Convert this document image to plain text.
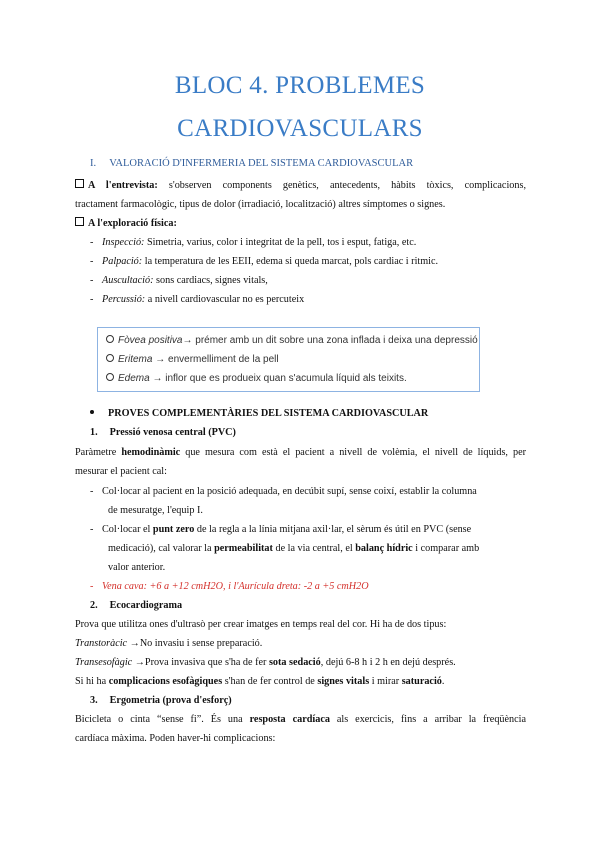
BLOC 4. PROBLEMES
CARDIOVASCULARS
I. VALORACIÓ D'INFERMERIA DEL SISTEMA CARDIOVASCULAR
A l'entrevista: s'observen components genètics, antecedents, hàbits tòxics, complicacions,
tractament farmacològic, tipus de dolor (irradiació, localització) altres símptomes o signes.
A l'exploració física:
- Inspecció: Simetria, varius, color i integritat de la pell, tos i esput, fatiga, etc.
- Palpació: la temperatura de les EEII, edema si queda marcat, pols cardiac i ritmic.
- Auscultació: sons cardiacs, signes vitals,
- Percussió: a nivell cardiovascular no es percuteix
Fòvea positiva→ prémer amb un dit sobre una zona inflada i deixa una depressió
Eritema → envermelliment de la pell
Edema → inflor que es produeix quan s'acumula líquid als teixits.
PROVES COMPLEMENTÀRIES DEL SISTEMA CARDIOVASCULAR
1. Pressió venosa central (PVC)
Paràmetre hemodinàmic que mesura com està el pacient a nivell de volèmia, el nivell de líquids, per
mesurar el pacient cal:
- Col·locar al pacient en la posició adequada, en decúbit supí, sense coixí, establir la columna
de mesuratge, l'equip I.
- Col·locar el punt zero de la regla a la línia mitjana axil·lar, el sèrum és útil en PVC (sense
medicació), cal valorar la permeabilitat de la via central, el balanç hídric i comparar amb
valor anterior.
- Vena cava: +6 a +12 cmH2O, i l'Aurícula dreta: -2 a +5 cmH2O
2. Ecocardiograma
Prova que utilitza ones d'ultrasò per crear imatges en temps real del cor. Hi ha de dos tipus:
Transtoràcic →No invasiu i sense preparació.
Transesofàgic →Prova invasiva que s'ha de fer sota sedació, dejú 6-8 h i 2 h en dejú després.
Si hi ha complicacions esofàgiques s'han de fer control de signes vitals i mirar saturació.
3. Ergometria (prova d'esforç)
Bicicleta o cinta “sense fi”. És una resposta cardíaca als exercicis, fins a arribar la freqüència
cardíaca màxima. Poden haver-hi complicacions:
